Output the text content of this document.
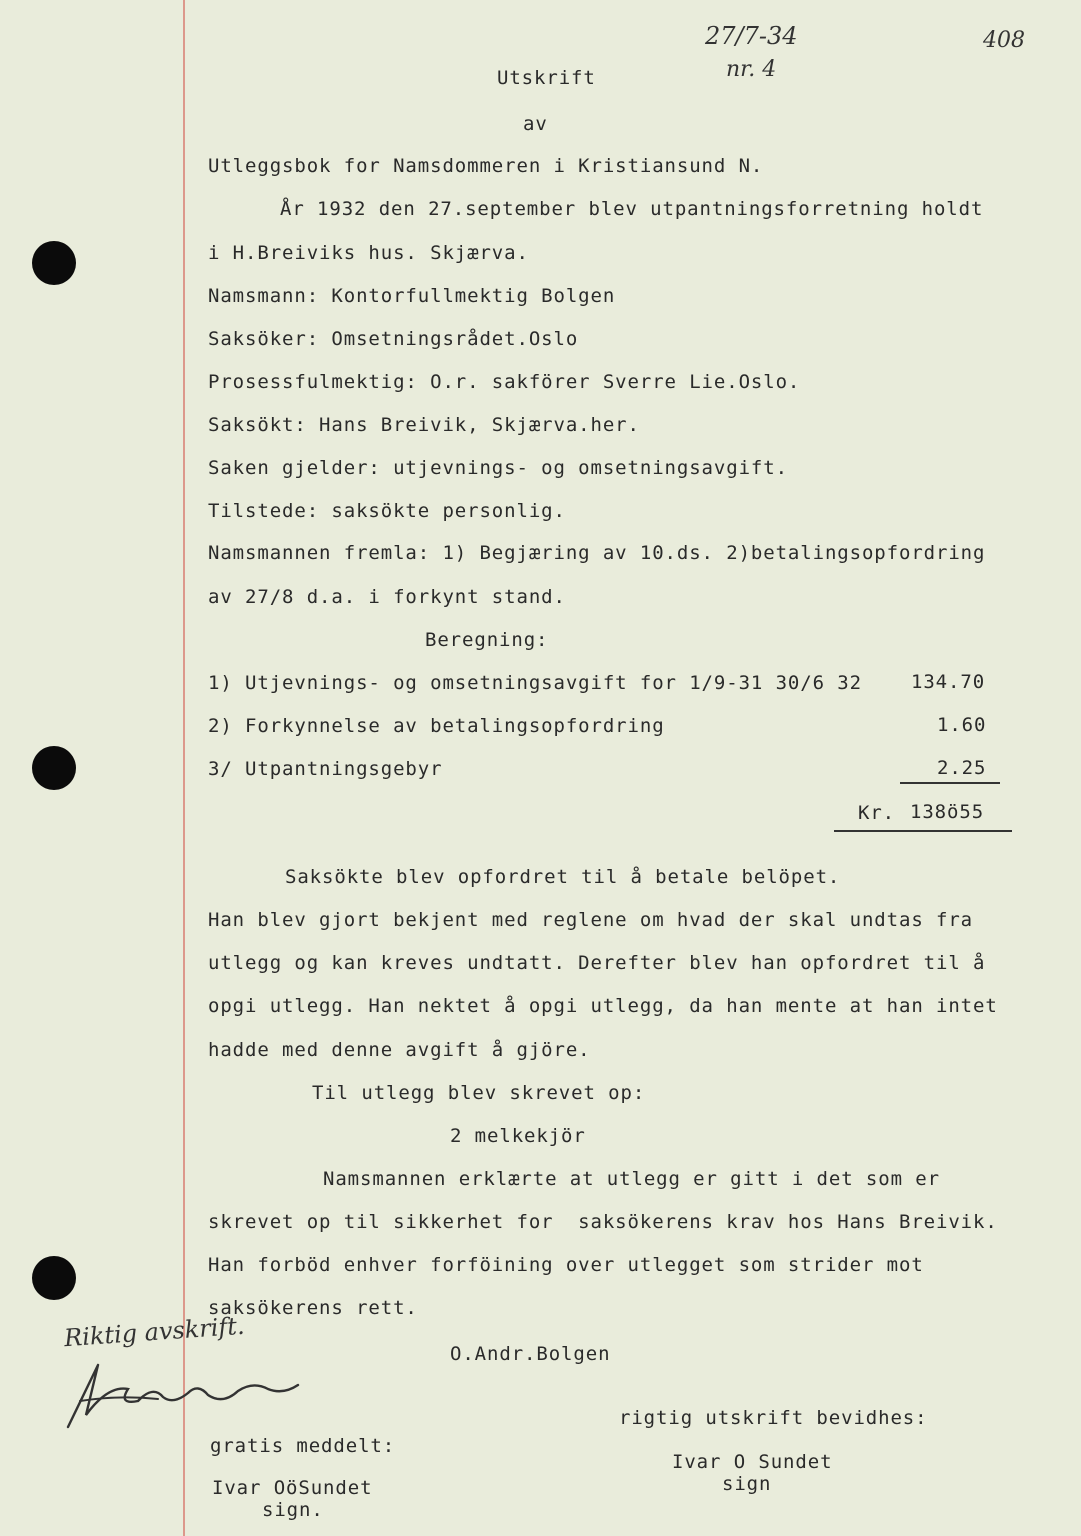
27/7-34
nr. 4
408
Utskrift
av
Utleggsbok for Namsdommeren i Kristiansund N.
År 1932 den 27.september blev utpantningsforretning holdt
i H.Breiviks hus. Skjærva.
Namsmann: Kontorfullmektig Bolgen
Saksöker: Omsetningsrådet.Oslo
Prosessfulmektig: O.r. sakförer Sverre Lie.Oslo.
Saksökt: Hans Breivik, Skjærva.her.
Saken gjelder: utjevnings- og omsetningsavgift.
Tilstede: saksökte personlig.
Namsmannen fremla: 1) Begjæring av 10.ds. 2)betalingsopfordring
av 27/8 d.a. i forkynt stand.
Beregning:
1) Utjevnings- og omsetningsavgift for 1/9-31 30/6 32	134.70
2) Forkynnelse av betalingsopfordring	1.60
3/ Utpantningsgebyr	2.25
Kr. 138ö55
Saksökte blev opfordret til å betale belöpet.
Han blev gjort bekjent med reglene om hvad der skal undtas fra
utlegg og kan kreves undtatt. Derefter blev han opfordret til å
opgi utlegg. Han nektet å opgi utlegg, da han mente at han intet
hadde med denne avgift å gjöre.
Til utlegg blev skrevet op:
2 melkekjör
Namsmannen erklærte at utlegg er gitt i det som er
skrevet op til sikkerhet for  saksökerens krav hos Hans Breivik.
Han forböd enhver forföining over utlegget som strider mot
saksökerens rett.
O.Andr.Bolgen
Riktig avskrift.
rigtig utskrift bevidhes:
gratis meddelt:
Ivar O Sundet
sign
Ivar OöSundet
sign.
